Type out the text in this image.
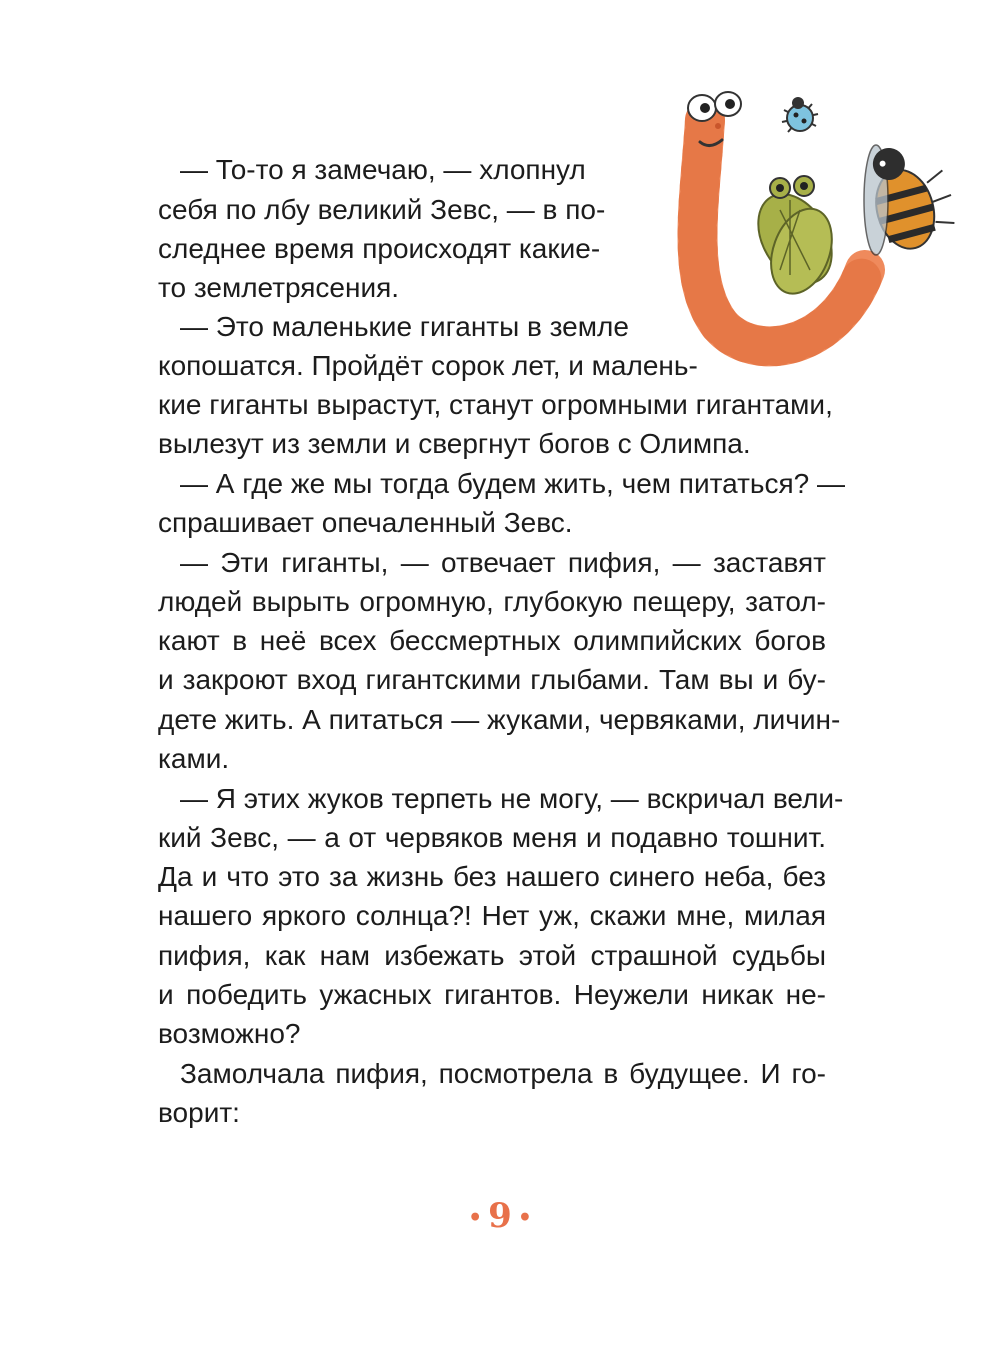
— То-то я замечаю, — хлопнул
себя по лбу великий Зевс, — в по-
следнее время происходят какие-
то землетрясения.
— Это маленькие гиганты в земле
копошатся. Пройдёт сорок лет, и малень-
кие гиганты вырастут, станут огромными гигантами,
вылезут из земли и свергнут богов с Олимпа.
— А где же мы тогда будем жить, чем питаться? —
спрашивает опечаленный Зевс.
— Эти гиганты, — отвечает пифия, — заставят
людей вырыть огромную, глубокую пещеру, затол-
кают в неё всех бессмертных олимпийских богов
и закроют вход гигантскими глыбами. Там вы и бу-
дете жить. А питаться — жуками, червяками, личин-
ками.
— Я этих жуков терпеть не могу, — вскричал вели-
кий Зевс, — а от червяков меня и подавно тошнит.
Да и что это за жизнь без нашего синего неба, без
нашего яркого солнца?! Нет уж, скажи мне, милая
пифия, как нам избежать этой страшной судьбы
и победить ужасных гигантов. Неужели никак не-
возможно?
Замолчала пифия, посмотрела в будущее. И го-
ворит:
• 9 •
